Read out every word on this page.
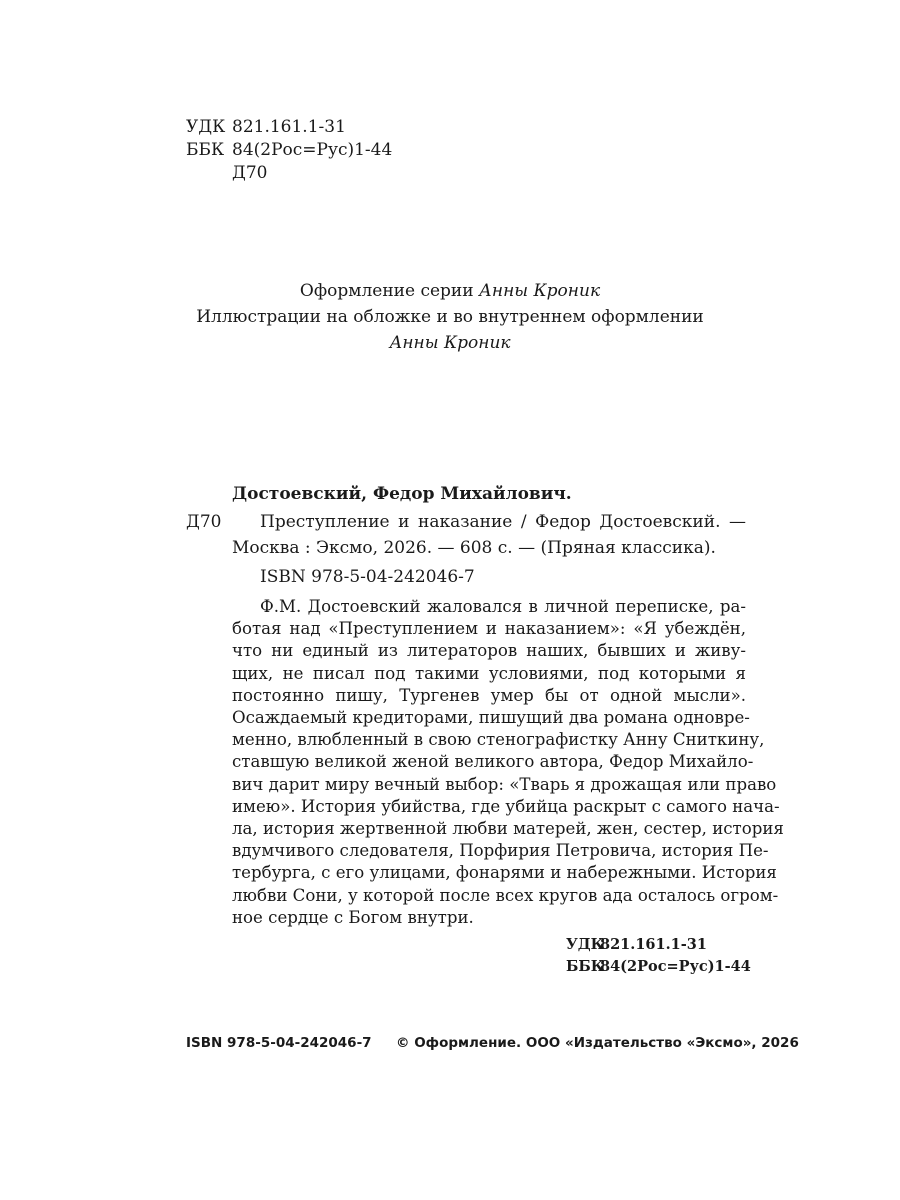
УДК 821.161.1-31
ББК 84(2Рос=Рус)1-44
Д70
Оформление серии Анны Кроник
Иллюстрации на обложке и во внутреннем оформлении
Анны Кроник
Достоевский, Федор Михайлович.
Д70 Преступление и наказание / Федор Достоевский. —
Москва : Эксмо, 2026. — 608 с. — (Пряная классика).
ISBN 978-5-04-242046-7
Ф.М. Достоевский жаловался в личной переписке, ра-
ботая над «Преступлением и наказанием»: «Я убеждён,
что ни единый из литераторов наших, бывших и живу-
щих, не писал под такими условиями, под которыми я
постоянно пишу, Тургенев умер бы от одной мысли».
Осаждаемый кредиторами, пишущий два романа одновре-
менно, влюбленный в свою стенографистку Анну Сниткину,
ставшую великой женой великого автора, Федор Михайло-
вич дарит миру вечный выбор: «Тварь я дрожащая или право
имею». История убийства, где убийца раскрыт с самого нача-
ла, история жертвенной любви матерей, жен, сестер, история
вдумчивого следователя, Порфирия Петровича, история Пе-
тербурга, с его улицами, фонарями и набережными. История
любви Сони, у которой после всех кругов ада осталось огром-
ное сердце с Богом внутри.
УДК821.161.1-31
ББК84(2Рос=Рус)1-44
ISBN 978-5-04-242046-7 © Оформление. ООО «Издательство «Эксмо», 2026
